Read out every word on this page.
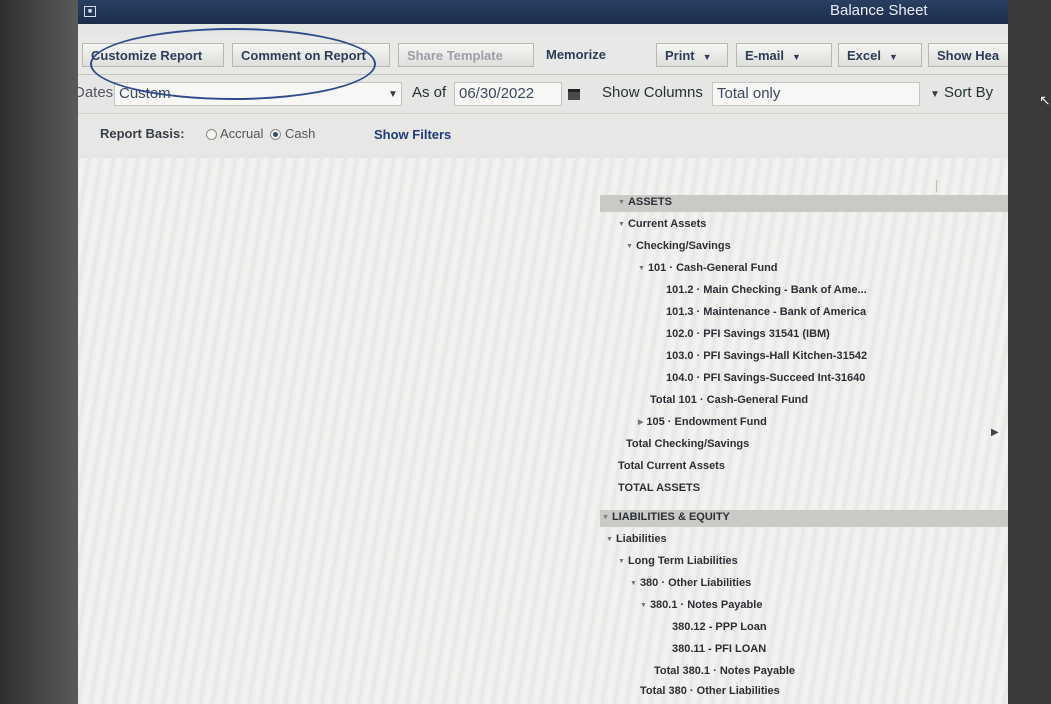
■	Balance Sheet
Customize Report	Comment on Report	Share Template	Memorize	Print ▼	E-mail ▼	Excel ▼	Show Hea
↖
Dates Custom	▼ As of 06/30/2022	Show Columns Total only	▼ Sort By
Report Basis:	Accrual Cash	Show Filters
▼ ASSETS
▼ Current Assets
▼ Checking/Savings
▼ 101 · Cash-General Fund
101.2 · Main Checking - Bank of Ame...
101.3 · Maintenance - Bank of America
102.0 · PFI Savings 31541 (IBM)
103.0 · PFI Savings-Hall Kitchen-31542
104.0 · PFI Savings-Succeed Int-31640
Total 101 · Cash-General Fund
▶ 105 · Endowment Fund
Total Checking/Savings
Total Current Assets
TOTAL ASSETS
▼ LIABILITIES & EQUITY
▼ Liabilities
▼ Long Term Liabilities
▼ 380 · Other Liabilities
▼ 380.1 · Notes Payable
380.12 - PPP Loan
380.11 - PFI LOAN
Total 380.1 · Notes Payable
Total 380 · Other Liabilities
▶
